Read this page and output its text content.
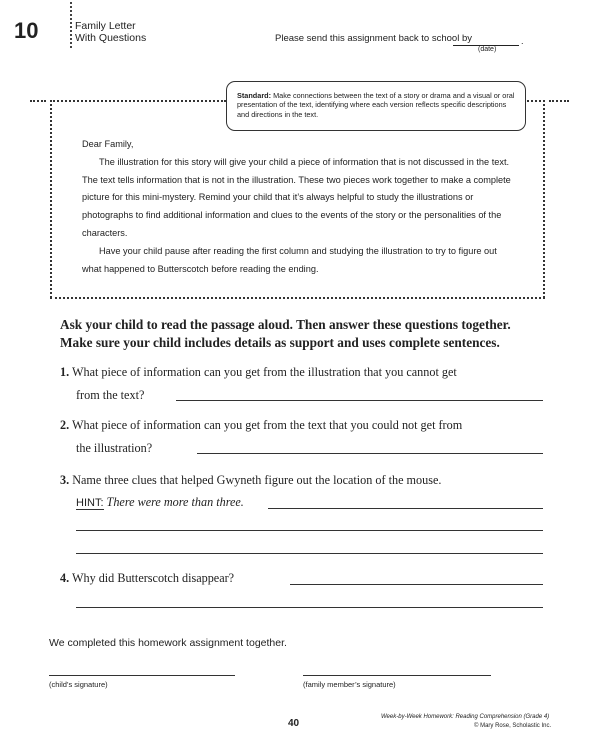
10	Family Letter
With Questions	Please send this assignment back to school by	.
(date)
Standard: Make connections between the text of a story or drama and a visual or oral presentation of the text, identifying where each version reflects specific descriptions and directions in the text.

Dear Family,

The illustration for this story will give your child a piece of information that is not discussed in the text. The text tells information that is not in the illustration. These two pieces work together to make a complete picture for this mini-mystery. Remind your child that it’s always helpful to study the illustrations or photographs to find additional information and clues to the events of the story or the personalities of the characters.

Have your child pause after reading the first column and studying the illustration to try to figure out what happened to Butterscotch before reading the ending.

Ask your child to read the passage aloud. Then answer these questions together.
Make sure your child includes details as support and uses complete sentences.
1. What piece of information can you get from the illustration that you cannot get
from the text?
2. What piece of information can you get from the text that you could not get from
the illustration?
3. Name three clues that helped Gwyneth figure out the location of the mouse.
HINT: There were more than three.
4. Why did Butterscotch disappear?
We completed this homework assignment together.
(child’s signature)	(family member’s signature)
40
Week-by-Week Homework: Reading Comprehension (Grade 4)
© Mary Rose, Scholastic Inc.
